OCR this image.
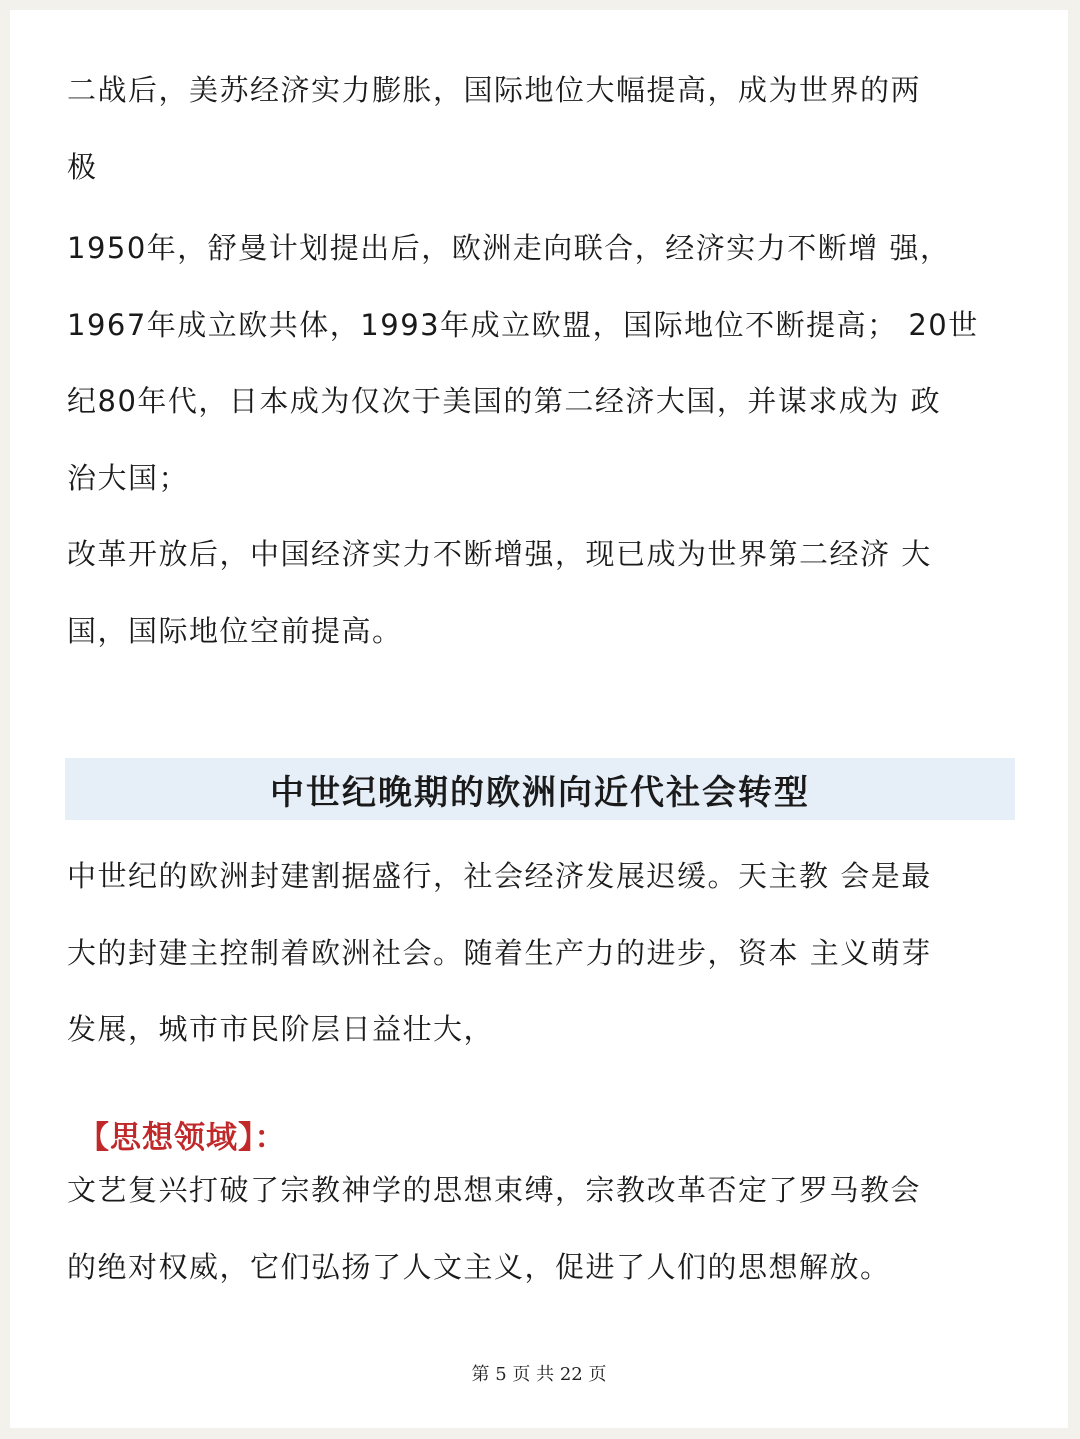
二战后，美苏经济实力膨胀，国际地位大幅提高，成为世界的两
极

1950年，舒曼计划提出后，欧洲走向联合，经济实力不断增 强，
1967年成立欧共体，1993年成立欧盟，国际地位不断提高； 20世
纪80年代，日本成为仅次于美国的第二经济大国，并谋求成为 政
治大国；

改革开放后，中国经济实力不断增强，现已成为世界第二经济 大
国，国际地位空前提高。

中世纪晚期的欧洲向近代社会转型

中世纪的欧洲封建割据盛行，社会经济发展迟缓。天主教 会是最
大的封建主控制着欧洲社会。随着生产力的进步，资本 主义萌芽
发展，城市市民阶层日益壮大，

【思想领域】：

文艺复兴打破了宗教神学的思想束缚，宗教改革否定了罗马教会
的绝对权威，它们弘扬了人文主义，促进了人们的思想解放。

第 5 页 共 22 页
